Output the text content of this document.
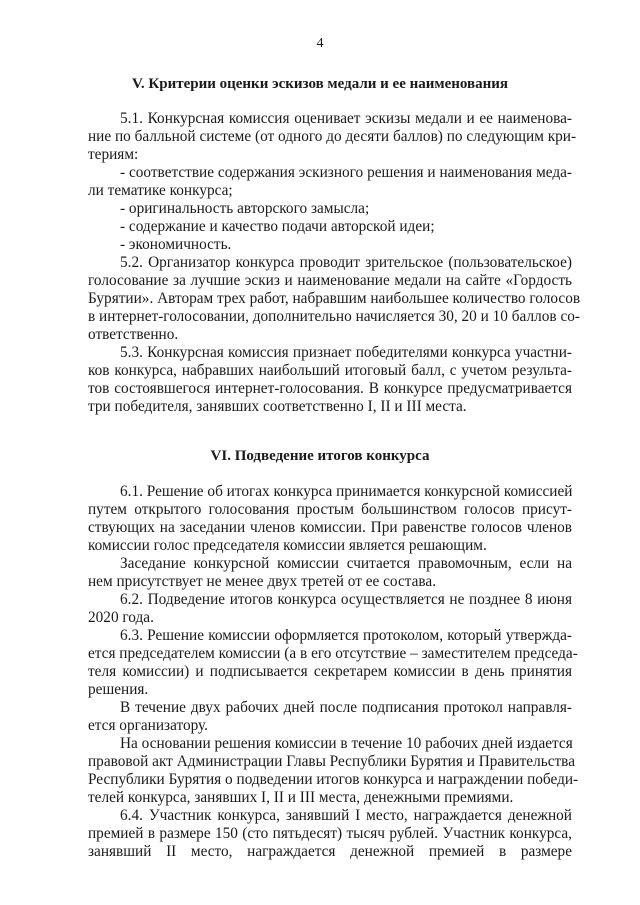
4
V. Критерии оценки эскизов медали и ее наименования
5.1. Конкурсная комиссия оценивает эскизы медали и ее наименова-
ние по балльной системе (от одного до десяти баллов) по следующим кри-
териям:
- соответствие содержания эскизного решения и наименования меда-
ли тематике конкурса;
- оригинальность авторского замысла;
- содержание и качество подачи авторской идеи;
- экономичность.
5.2. Организатор конкурса проводит зрительское (пользовательское)
голосование за лучшие эскиз и наименование медали на сайте «Гордость
Бурятии». Авторам трех работ, набравшим наибольшее количество голосов
в интернет-голосовании, дополнительно начисляется 30, 20 и 10 баллов со-
ответственно.
5.3. Конкурсная комиссия признает победителями конкурса участни-
ков конкурса, набравших наибольший итоговый балл, с учетом результа-
тов состоявшегося интернет-голосования. В конкурсе предусматривается
три победителя, занявших соответственно I, II и III места.
VI. Подведение итогов конкурса
6.1. Решение об итогах конкурса принимается конкурсной комиссией
путем открытого голосования простым большинством голосов присут-
ствующих на заседании членов комиссии. При равенстве голосов членов
комиссии голос председателя комиссии является решающим.
Заседание конкурсной комиссии считается правомочным, если на
нем присутствует не менее двух третей от ее состава.
6.2. Подведение итогов конкурса осуществляется не позднее 8 июня
2020 года.
6.3. Решение комиссии оформляется протоколом, который утвержда-
ется председателем комиссии (а в его отсутствие – заместителем председа-
теля комиссии) и подписывается секретарем комиссии в день принятия
решения.
В течение двух рабочих дней после подписания протокол направля-
ется организатору.
На основании решения комиссии в течение 10 рабочих дней издается
правовой акт Администрации Главы Республики Бурятия и Правительства
Республики Бурятия о подведении итогов конкурса и награждении победи-
телей конкурса, занявших I, II и III места, денежными премиями.
6.4. Участник конкурса, занявший I место, награждается денежной
премией в размере 150 (сто пятьдесят) тысяч рублей. Участник конкурса,
занявший II место, награждается денежной премией в размере
